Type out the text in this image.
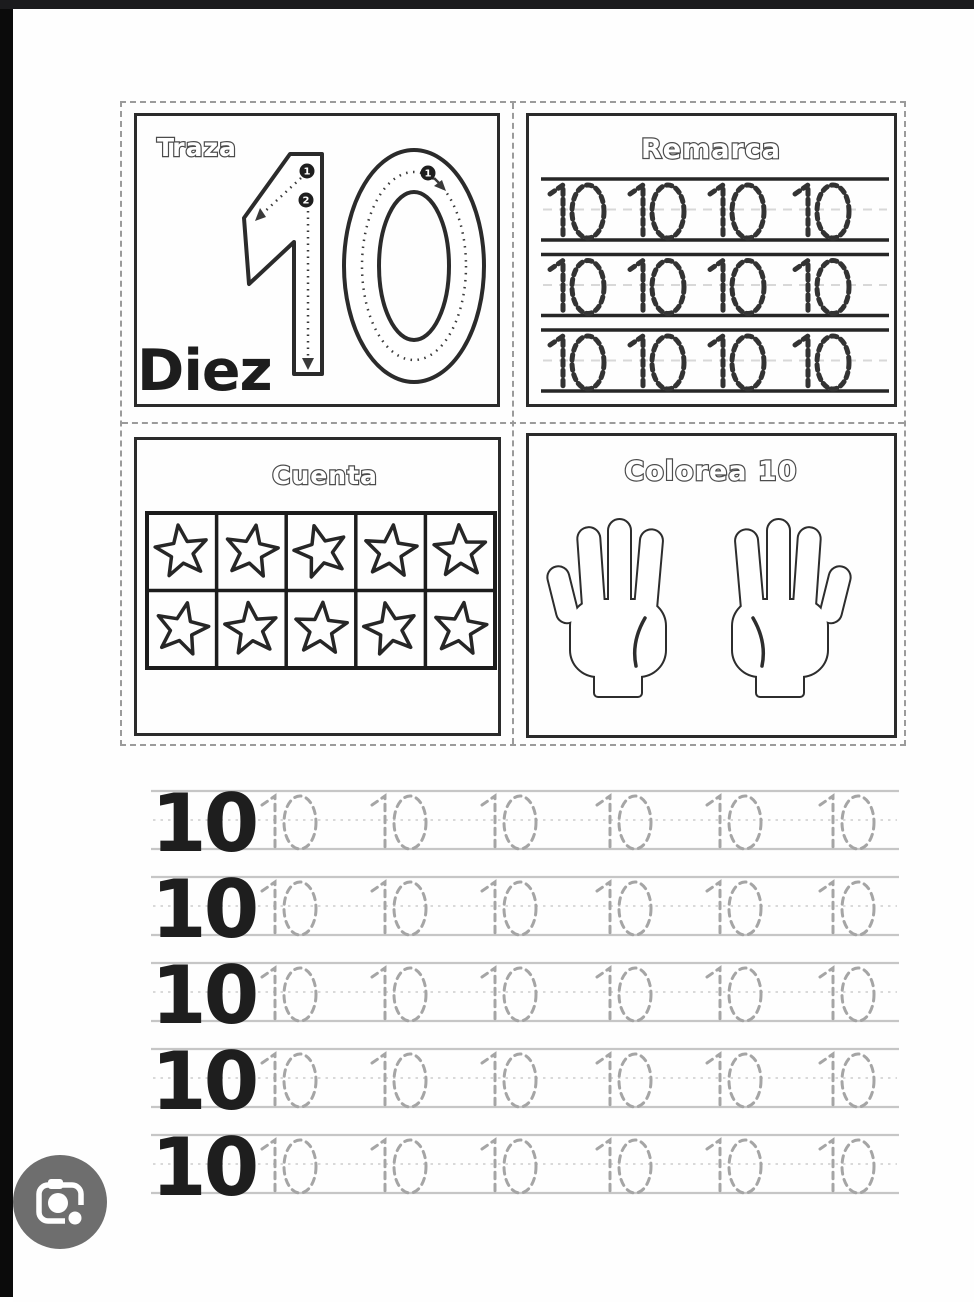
Traza
1
2
1
Diez
Remarca
Cuenta	Colorea 10
10
10
10
10
10
